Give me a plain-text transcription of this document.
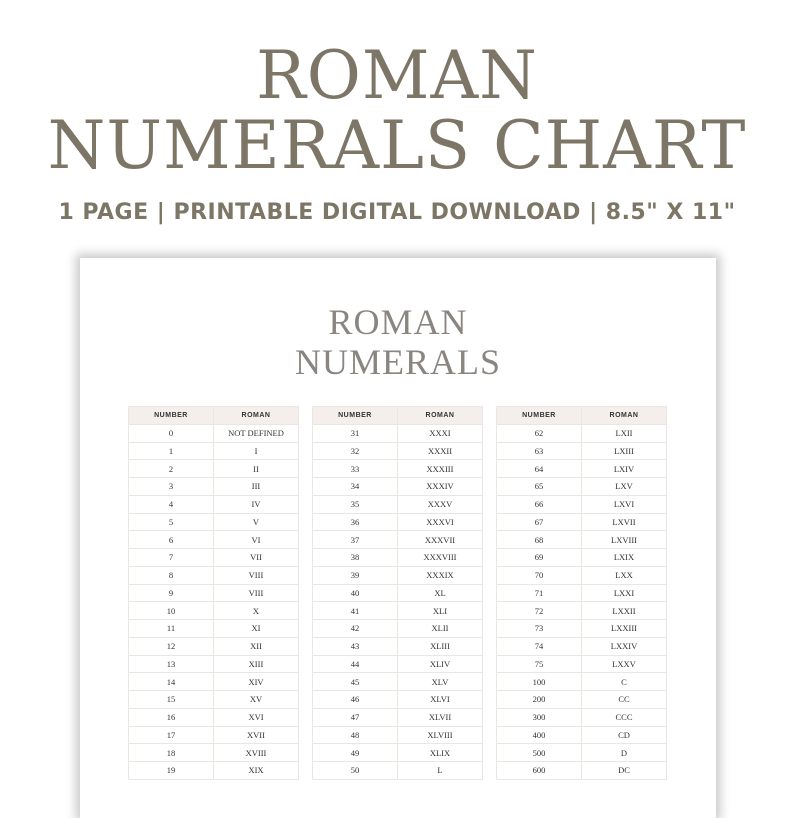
ROMAN
NUMERALS CHART
1 PAGE | PRINTABLE DIGITAL DOWNLOAD | 8.5" X 11"
ROMAN
NUMERALS
NUMBER	ROMAN
0	NOT DEFINED
1	I
2	II
3	III
4	IV
5	V
6	VI
7	VII
8	VIII
9	VIII
10	X
11	XI
12	XII
13	XIII
14	XIV
15	XV
16	XVI
17	XVII
18	XVIII
19	XIX
NUMBER	ROMAN
31	XXXI
32	XXXII
33	XXXIII
34	XXXIV
35	XXXV
36	XXXVI
37	XXXVII
38	XXXVIII
39	XXXIX
40	XL
41	XLI
42	XLII
43	XLIII
44	XLIV
45	XLV
46	XLVI
47	XLVII
48	XLVIII
49	XLIX
50	L
NUMBER	ROMAN
62	LXII
63	LXIII
64	LXIV
65	LXV
66	LXVI
67	LXVII
68	LXVIII
69	LXIX
70	LXX
71	LXXI
72	LXXII
73	LXXIII
74	LXXIV
75	LXXV
100	C
200	CC
300	CCC
400	CD
500	D
600	DC
